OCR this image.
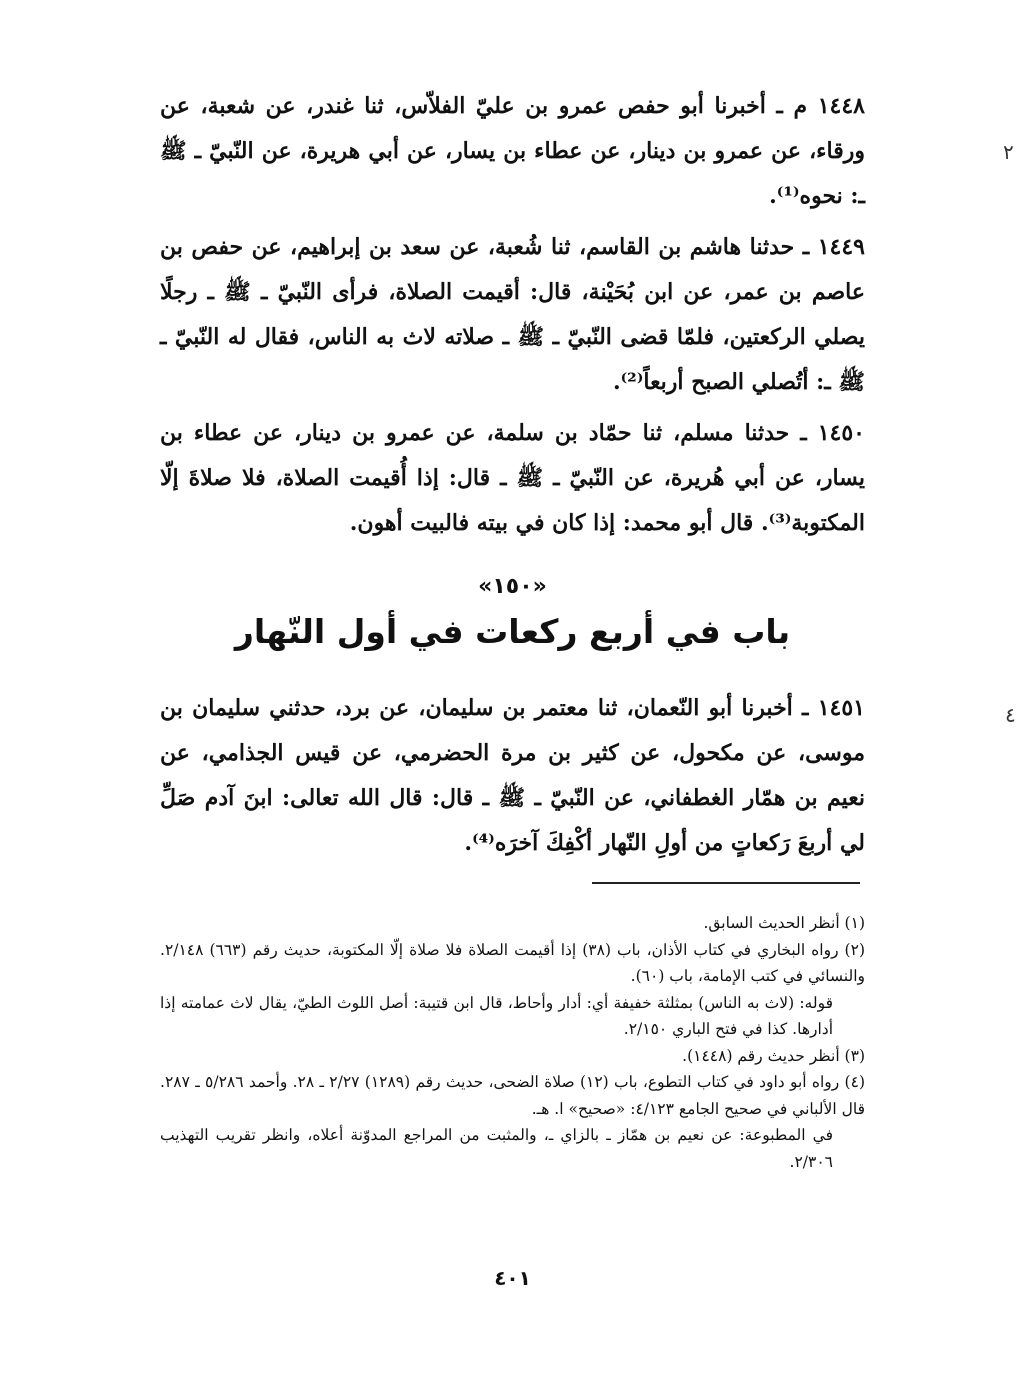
١٤٤٨ م ـ أخبرنا أبو حفص عمرو بن عليّ الفلاّس، ثنا غندر، عن شعبة، عن ورقاء، عن عمرو بن دينار، عن عطاء بن يسار، عن أبي هريرة، عن النّبيّ ـ ﷺ ـ: نحوه⁽¹⁾.

١٤٤٩ ـ حدثنا هاشم بن القاسم، ثنا شُعبة، عن سعد بن إبراهيم، عن حفص بن عاصم بن عمر، عن ابن بُحَيْنة، قال: أقيمت الصلاة، فرأى النّبيّ ـ ﷺ ـ رجلًا يصلي الركعتين، فلمّا قضى النّبيّ ـ ﷺ ـ صلاته لاث به الناس، فقال له النّبيّ ـ ﷺ ـ: أتُصلي الصبح أربعاً⁽²⁾.

١٤٥٠ ـ حدثنا مسلم، ثنا حمّاد بن سلمة، عن عمرو بن دينار، عن عطاء بن يسار، عن أبي هُريرة، عن النّبيّ ـ ﷺ ـ قال: إذا أُقيمت الصلاة، فلا صلاةَ إلّا المكتوبة⁽³⁾. قال أبو محمد: إذا كان في بيته فالبيت أهون.

«١٥٠»
باب في أربع ركعات في أول النّهار

١٤٥١ ـ أخبرنا أبو النّعمان، ثنا معتمر بن سليمان، عن برد، حدثني سليمان بن موسى، عن مكحول، عن كثير بن مرة الحضرمي، عن قيس الجذامي، عن نعيم بن همّار الغطفاني، عن النّبيّ ـ ﷺ ـ قال: قال الله تعالى: ابنَ آدم صَلِّ لي أربعَ رَكعاتٍ من أولِ النّهار أكْفِكَ آخرَه⁽⁴⁾.

(١) أنظر الحديث السابق.

(٢) رواه البخاري في كتاب الأذان، باب (٣٨) إذا أقيمت الصلاة فلا صلاة إلّا المكتوبة، حديث رقم (٦٦٣) ٢/١٤٨. والنسائي في كتب الإمامة، باب (٦٠).

قوله: (لاث به الناس) بمثلثة خفيفة أي: أدار وأحاط، قال ابن قتيبة: أصل اللوث الطيّ، يقال لاث عمامته إذا أدارها. كذا في فتح الباري ٢/١٥٠.

(٣) أنظر حديث رقم (١٤٤٨).

(٤) رواه أبو داود في كتاب التطوع، باب (١٢) صلاة الضحى، حديث رقم (١٢٨٩) ٢/٢٧ ـ ٢٨. وأحمد ٥/٢٨٦ ـ ٢٨٧. قال الألباني في صحيح الجامع ٤/١٢٣: «صحيح» ا. هـ.

في المطبوعة: عن نعيم بن همّاز ـ بالزاي ـ، والمثبت من المراجع المدوّنة أعلاه، وانظر تقريب التهذيب ٢/٣٠٦.

٤٠١
٢
٤
